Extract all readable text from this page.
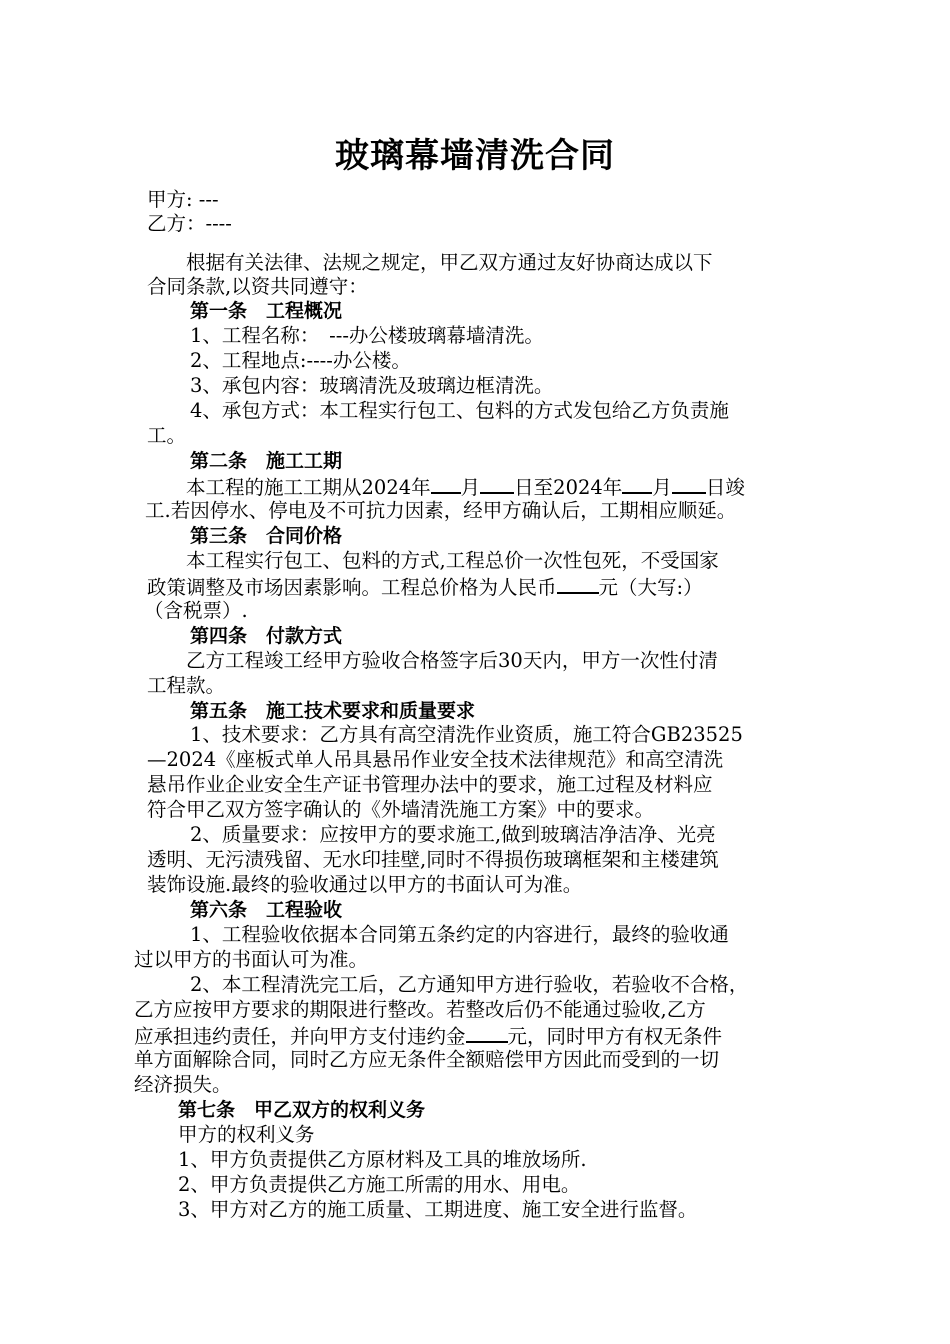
玻璃幕墙清洗合同
甲方: ---
乙方：----
根据有关法律、法规之规定，甲乙双方通过友好协商达成以下
合同条款,以资共同遵守：
第一条　工程概况
1、工程名称：　---办公楼玻璃幕墙清洗。
2、工程地点:----办公楼。
3、承包内容：玻璃清洗及玻璃边框清洗。
4、承包方式：本工程实行包工、包料的方式发包给乙方负责施
工。
第二条　施工工期
本工程的施工工期从2024年 月 日至2024年 月 日竣
工.若因停水、停电及不可抗力因素，经甲方确认后，工期相应顺延。
第三条　合同价格
本工程实行包工、包料的方式,工程总价一次性包死，不受国家
政策调整及市场因素影响。工程总价格为人民币 元（大写:）
（含税票）.
第四条　付款方式
乙方工程竣工经甲方验收合格签字后30天内，甲方一次性付清
工程款。
第五条　施工技术要求和质量要求
1、技术要求：乙方具有高空清洗作业资质，施工符合GB23525
—2024《座板式单人吊具悬吊作业安全技术法律规范》和高空清洗
悬吊作业企业安全生产证书管理办法中的要求，施工过程及材料应
符合甲乙双方签字确认的《外墙清洗施工方案》中的要求。
2、质量要求：应按甲方的要求施工,做到玻璃洁净洁净、光亮
透明、无污渍残留、无水印挂壁,同时不得损伤玻璃框架和主楼建筑
装饰设施.最终的验收通过以甲方的书面认可为准。
第六条　工程验收
1、工程验收依据本合同第五条约定的内容进行，最终的验收通
过以甲方的书面认可为准。
2、本工程清洗完工后，乙方通知甲方进行验收，若验收不合格，
乙方应按甲方要求的期限进行整改。若整改后仍不能通过验收,乙方
应承担违约责任，并向甲方支付违约金 元，同时甲方有权无条件
单方面解除合同，同时乙方应无条件全额赔偿甲方因此而受到的一切
经济损失。
第七条　甲乙双方的权利义务
甲方的权利义务
1、甲方负责提供乙方原材料及工具的堆放场所.
2、甲方负责提供乙方施工所需的用水、用电。
3、甲方对乙方的施工质量、工期进度、施工安全进行监督。
